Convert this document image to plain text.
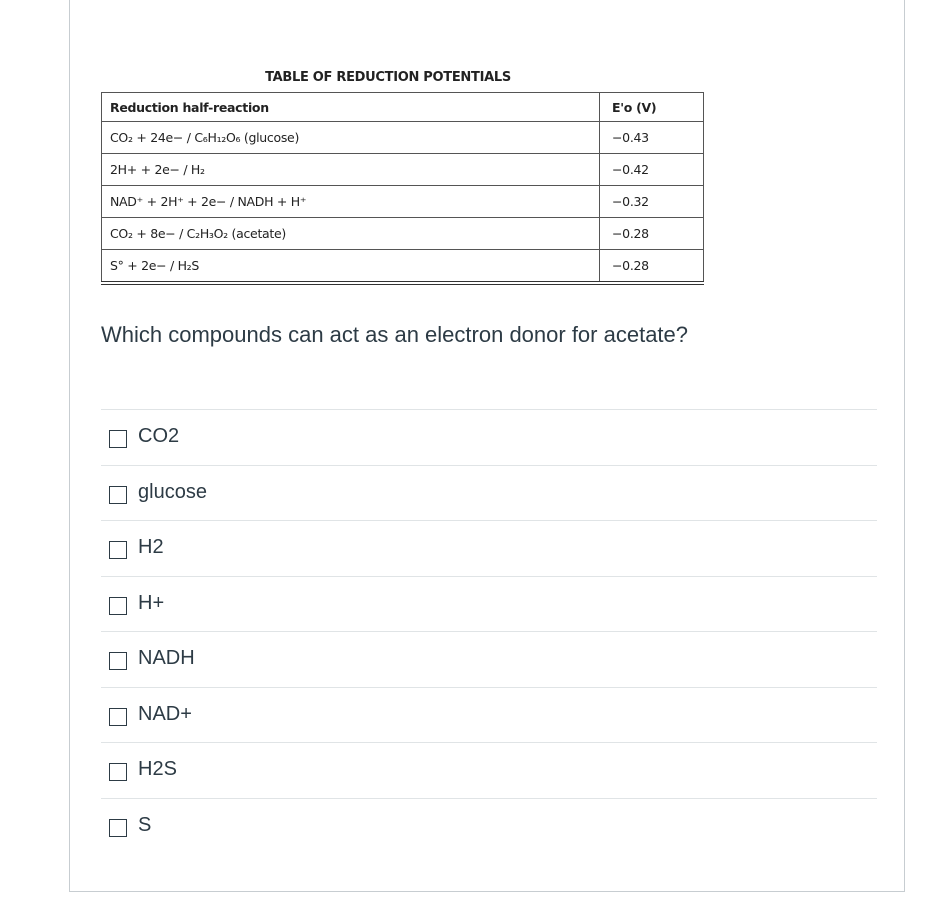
TABLE OF REDUCTION POTENTIALS
Reduction half-reaction	E'o (V)
CO₂ + 24e− / C₆H₁₂O₆ (glucose)	−0.43
2H+ + 2e− / H₂	−0.42
NAD⁺ + 2H⁺ + 2e− / NADH + H⁺	−0.32
CO₂ + 8e− / C₂H₃O₂ (acetate)	−0.28
S° + 2e− / H₂S	−0.28
Which compounds can act as an electron donor for acetate?
CO2
glucose
H2
H+
NADH
NAD+
H2S
S
